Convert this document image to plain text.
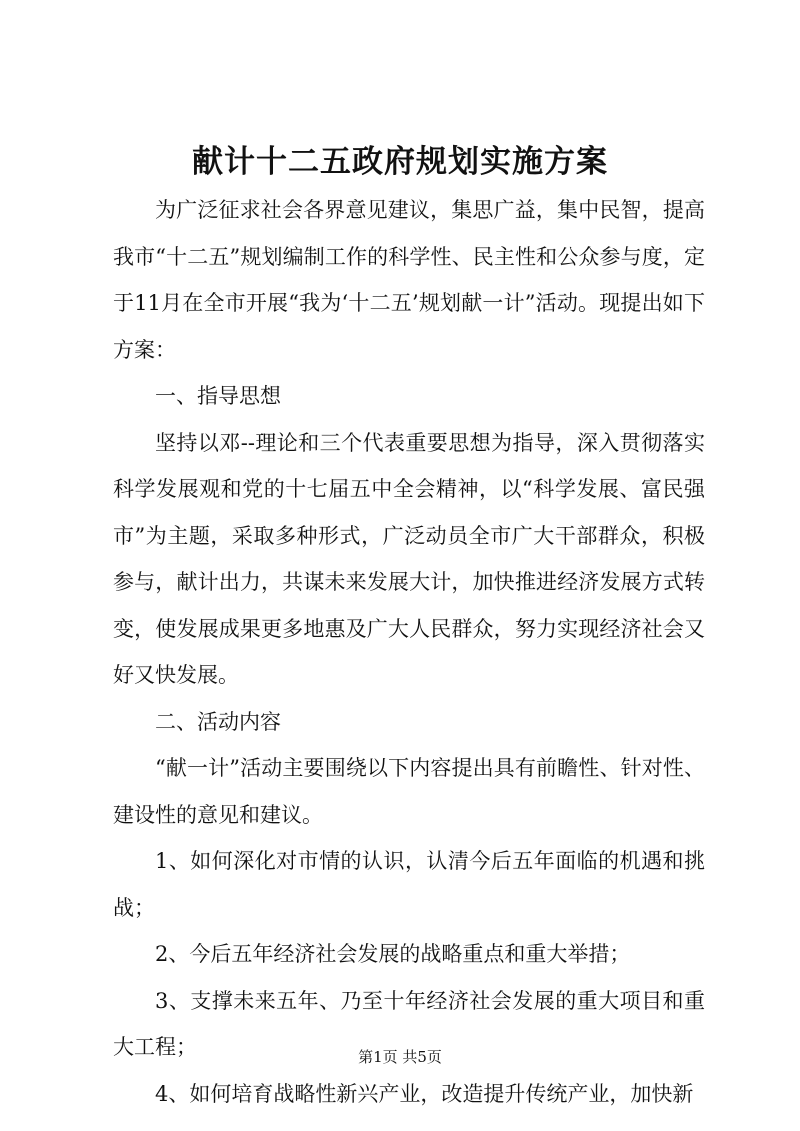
献计十二五政府规划实施方案

为广泛征求社会各界意见建议，集思广益，集中民智，提高我市“十二五”规划编制工作的科学性、民主性和公众参与度，定于11月在全市开展“我为‘十二五’规划献一计”活动。现提出如下方案：

一、指导思想

坚持以邓--理论和三个代表重要思想为指导，深入贯彻落实科学发展观和党的十七届五中全会精神，以“科学发展、富民强市”为主题，采取多种形式，广泛动员全市广大干部群众，积极参与，献计出力，共谋未来发展大计，加快推进经济发展方式转变，使发展成果更多地惠及广大人民群众，努力实现经济社会又好又快发展。

二、活动内容

“献一计”活动主要围绕以下内容提出具有前瞻性、针对性、建设性的意见和建议。

1、如何深化对市情的认识，认清今后五年面临的机遇和挑战；

2、今后五年经济社会发展的战略重点和重大举措；

3、支撑未来五年、乃至十年经济社会发展的重大项目和重大工程；

4、如何培育战略性新兴产业，改造提升传统产业，加快新

第1页 共5页
